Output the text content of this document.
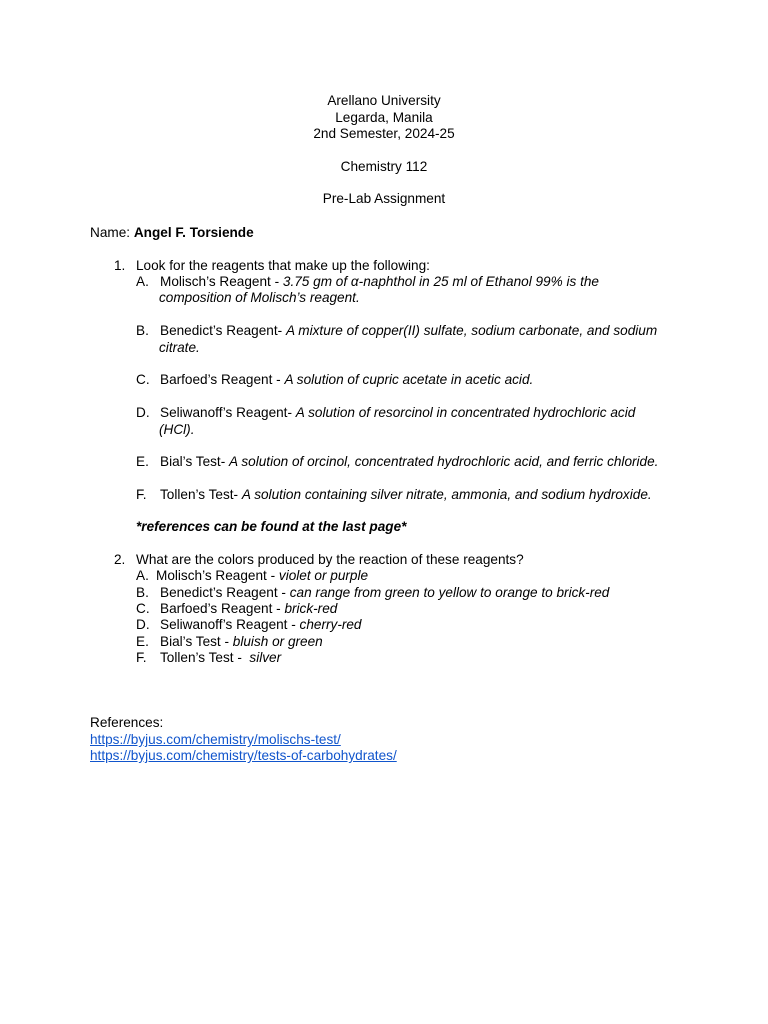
Arellano University
Legarda, Manila
2nd Semester, 2024-25
Chemistry 112
Pre-Lab Assignment
Name: Angel F. Torsiende
1. Look for the reagents that make up the following:
A. Molisch’s Reagent - 3.75 gm of α-naphthol in 25 ml of Ethanol 99% is the
composition of Molisch’s reagent.
B. Benedict’s Reagent- A mixture of copper(II) sulfate, sodium carbonate, and sodium
citrate.
C. Barfoed’s Reagent - A solution of cupric acetate in acetic acid.
D. Seliwanoff’s Reagent- A solution of resorcinol in concentrated hydrochloric acid
(HCl).
E. Bial’s Test- A solution of orcinol, concentrated hydrochloric acid, and ferric chloride.
F. Tollen’s Test- A solution containing silver nitrate, ammonia, and sodium hydroxide.
*references can be found at the last page*
2. What are the colors produced by the reaction of these reagents?
A. Molisch’s Reagent - violet or purple
B. Benedict’s Reagent - can range from green to yellow to orange to brick-red
C. Barfoed’s Reagent - brick-red
D. Seliwanoff’s Reagent - cherry-red
E. Bial’s Test - bluish or green
F. Tollen’s Test -  silver
References:
https://byjus.com/chemistry/molischs-test/
https://byjus.com/chemistry/tests-of-carbohydrates/
